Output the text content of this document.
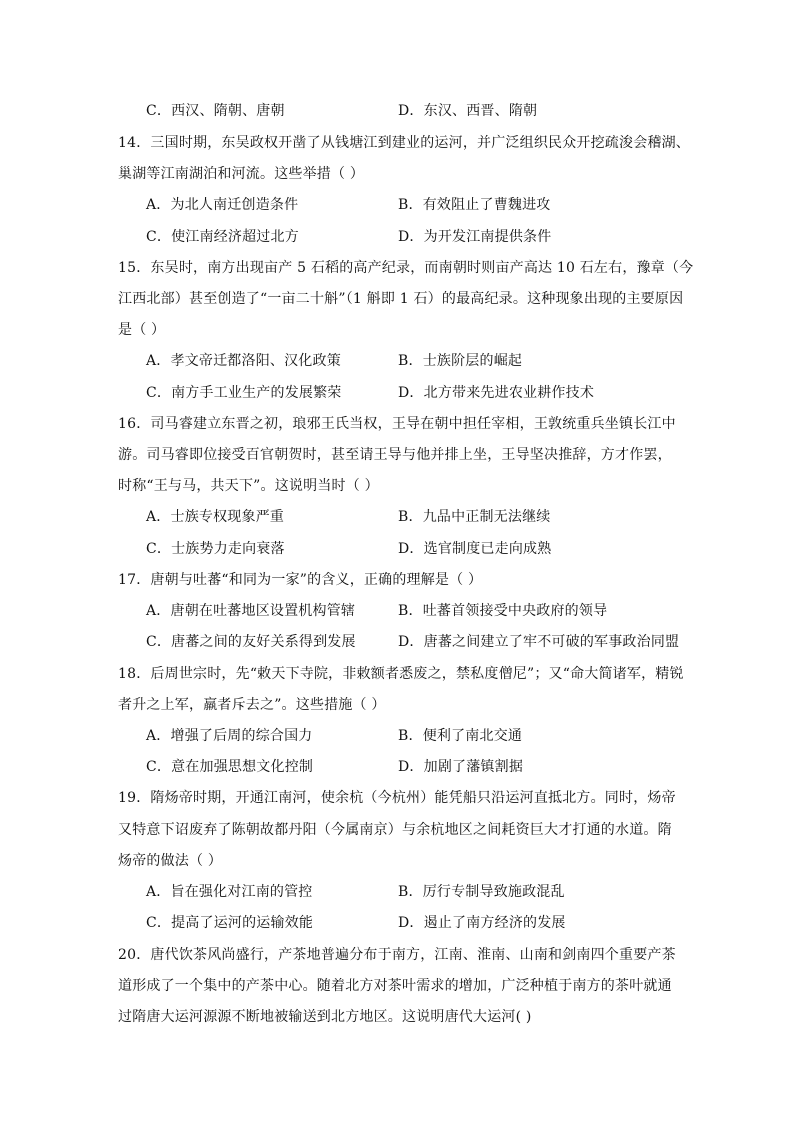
C．西汉、隋朝、唐朝	D．东汉、西晋、隋朝
14．三国时期，东吴政权开凿了从钱塘江到建业的运河，并广泛组织民众开挖疏浚会稽湖、
巢湖等江南湖泊和河流。这些举措（ ）
A．为北人南迁创造条件	B．有效阻止了曹魏进攻
C．使江南经济超过北方	D．为开发江南提供条件
15．东吴时，南方出现亩产 5 石稻的高产纪录，而南朝时则亩产高达 10 石左右，豫章（今
江西北部）甚至创造了“一亩二十斛”（1 斛即 1 石）的最高纪录。这种现象出现的主要原因
是（ ）
A．孝文帝迁都洛阳、汉化政策	B．士族阶层的崛起
C．南方手工业生产的发展繁荣	D．北方带来先进农业耕作技术
16．司马睿建立东晋之初，琅邪王氏当权，王导在朝中担任宰相，王敦统重兵坐镇长江中
游。司马睿即位接受百官朝贺时，甚至请王导与他并排上坐，王导坚决推辞，方才作罢，
时称“王与马，共天下”。这说明当时（ ）
A．士族专权现象严重	B．九品中正制无法继续
C．士族势力走向衰落	D．选官制度已走向成熟
17．唐朝与吐蕃“和同为一家”的含义，正确的理解是（ ）
A．唐朝在吐蕃地区设置机构管辖	B．吐蕃首领接受中央政府的领导
C．唐蕃之间的友好关系得到发展	D．唐蕃之间建立了牢不可破的军事政治同盟
18．后周世宗时，先“敕天下寺院，非敕额者悉废之，禁私度僧尼”；又“命大简诸军，精锐
者升之上军，羸者斥去之”。这些措施（ ）
A．增强了后周的综合国力	B．便利了南北交通
C．意在加强思想文化控制	D．加剧了藩镇割据
19．隋炀帝时期，开通江南河，使余杭（今杭州）能凭船只沿运河直抵北方。同时，炀帝
又特意下诏废弃了陈朝故都丹阳（今属南京）与余杭地区之间耗资巨大才打通的水道。隋
炀帝的做法（ ）
A．旨在强化对江南的管控	B．厉行专制导致施政混乱
C．提高了运河的运输效能	D．遏止了南方经济的发展
20．唐代饮茶风尚盛行，产茶地普遍分布于南方，江南、淮南、山南和剑南四个重要产茶
道形成了一个集中的产茶中心。随着北方对茶叶需求的增加，广泛种植于南方的茶叶就通
过隋唐大运河源源不断地被输送到北方地区。这说明唐代大运河( )
